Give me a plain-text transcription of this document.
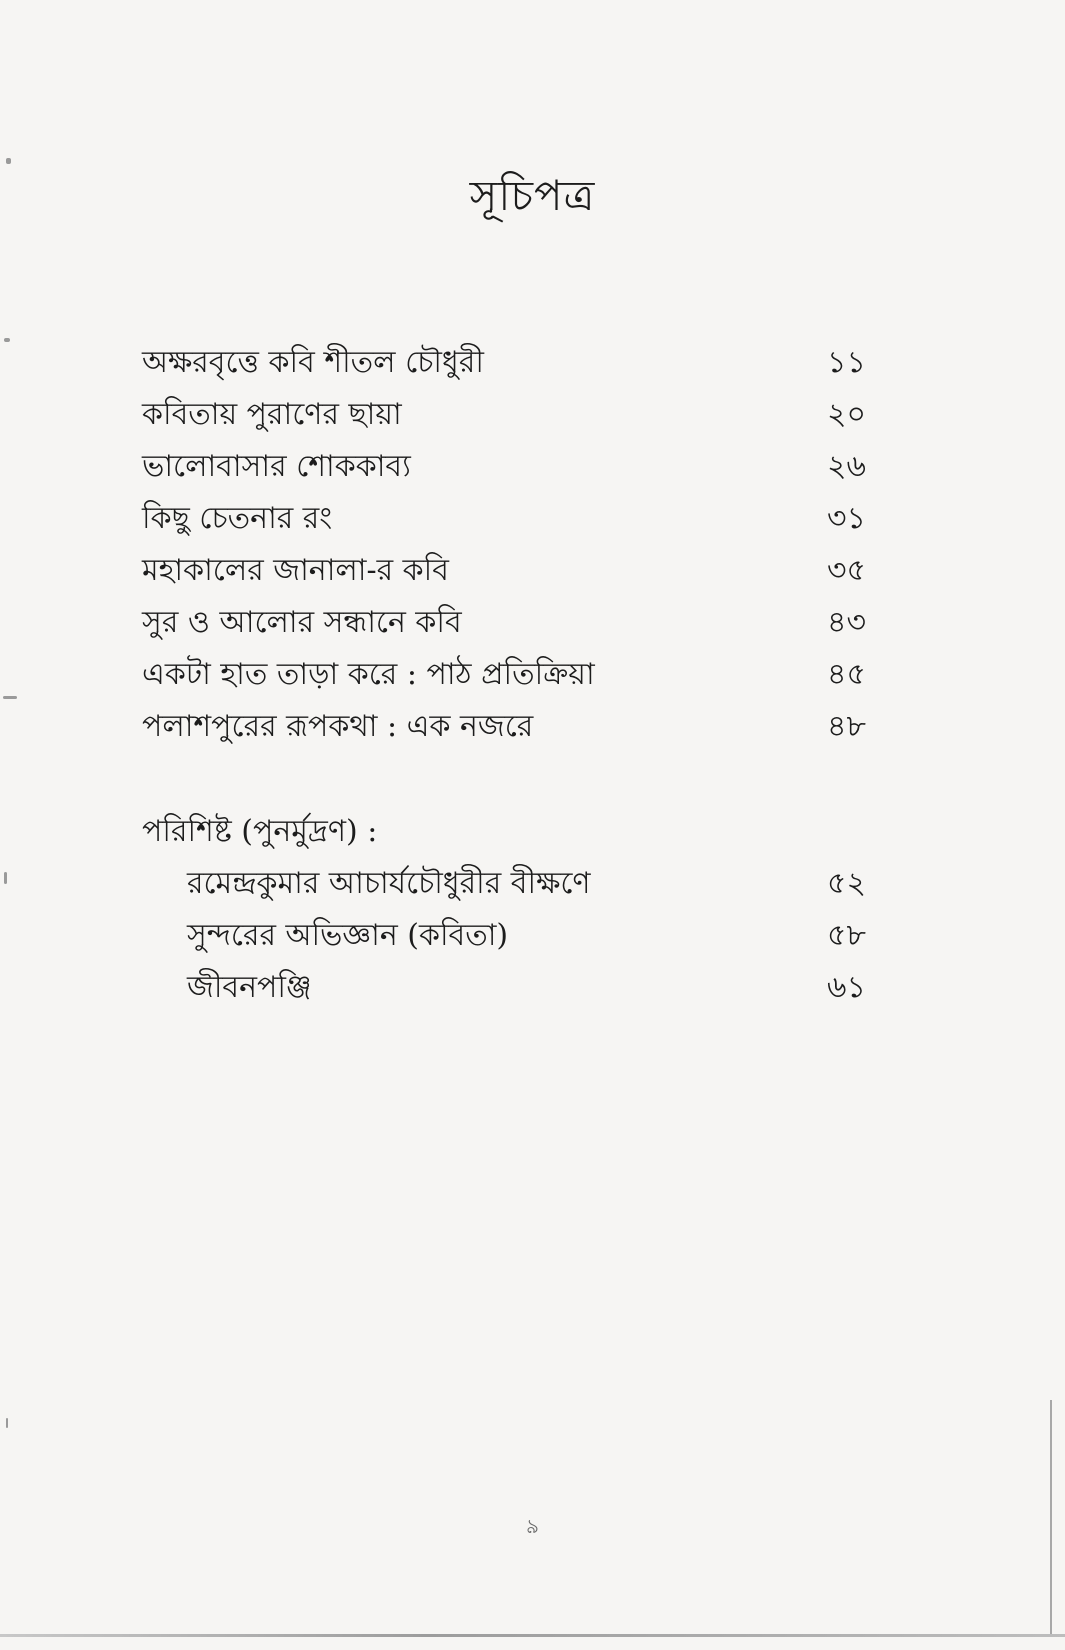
সূচিপত্র
অক্ষরবৃত্তে কবি শীতল চৌধুরী	১১
কবিতায় পুরাণের ছায়া	২০
ভালোবাসার শোককাব্য	২৬
কিছু চেতনার রং	৩১
মহাকালের জানালা-র কবি	৩৫
সুর ও আলোর সন্ধানে কবি	৪৩
একটা হাত তাড়া করে : পাঠ প্রতিক্রিয়া	৪৫
পলাশপুরের রূপকথা : এক নজরে	৪৮
পরিশিষ্ট (পুনর্মুদ্রণ) :
রমেন্দ্রকুমার আচার্যচৌধুরীর বীক্ষণে	৫২
সুন্দরের অভিজ্ঞান (কবিতা)	৫৮
জীবনপঞ্জি	৬১
৯
